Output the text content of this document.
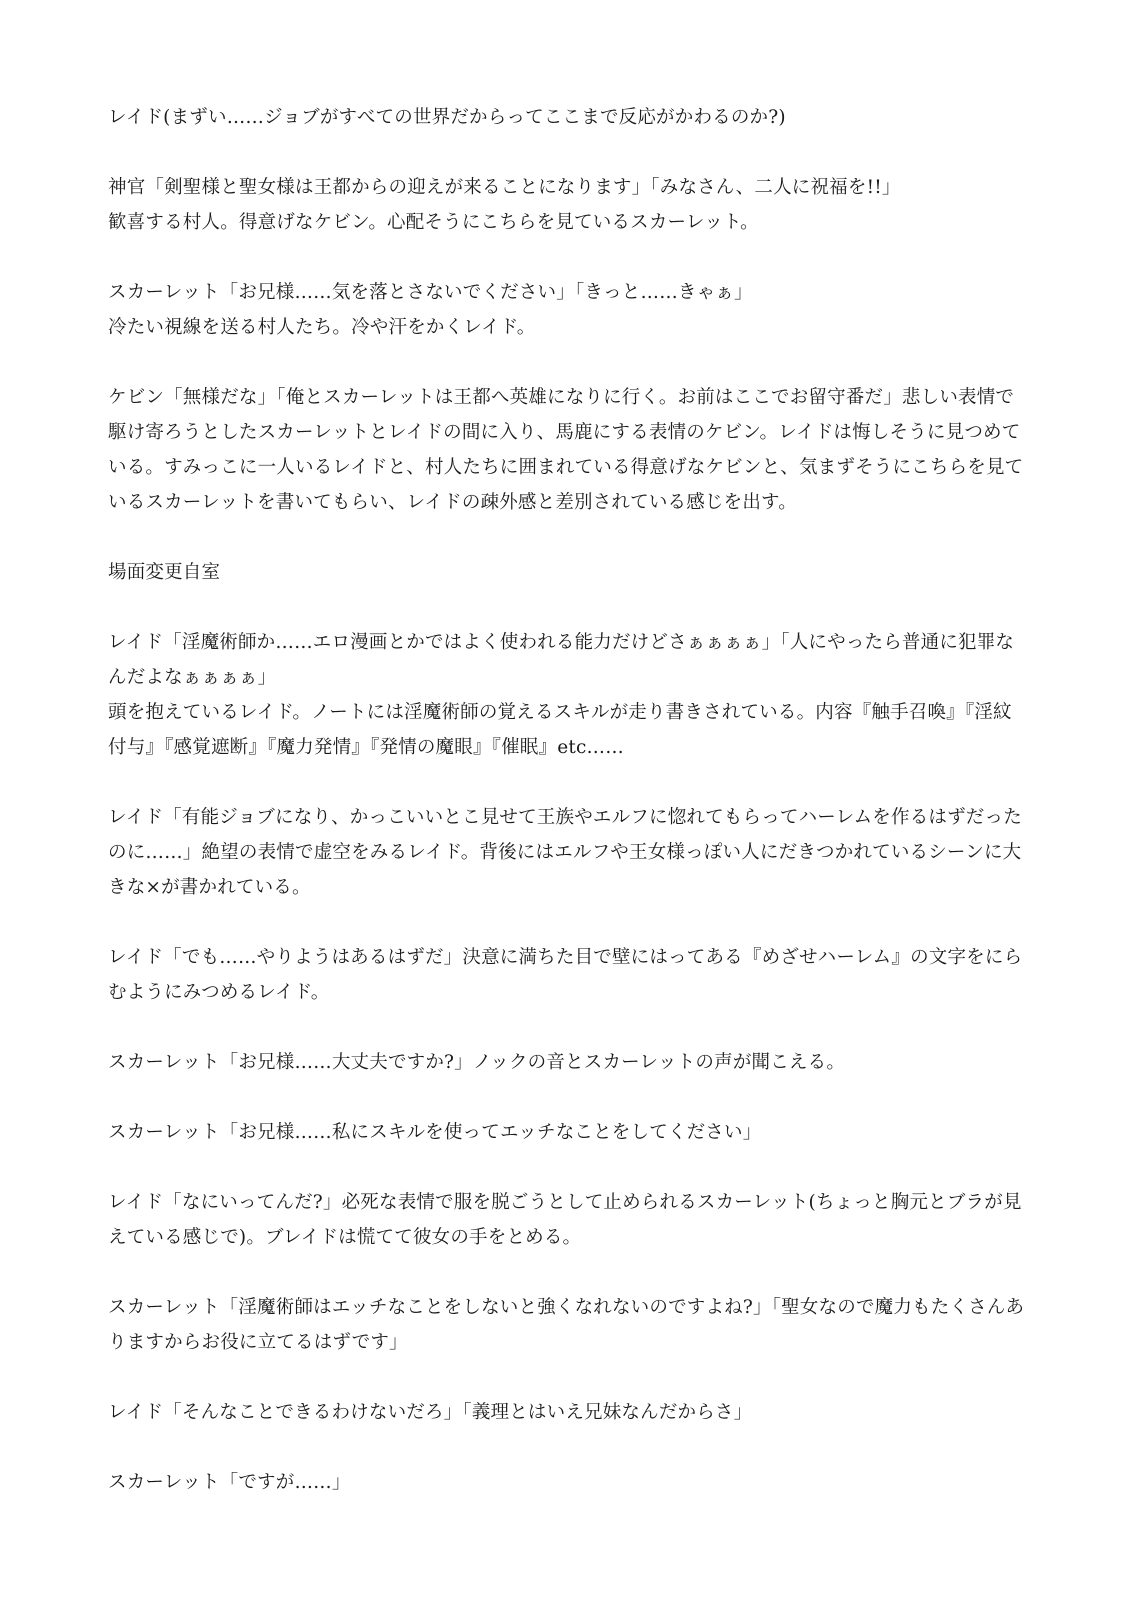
レイド(まずい……ジョブがすべての世界だからってここまで反応がかわるのか?)

神官「剣聖様と聖女様は王都からの迎えが来ることになります」「みなさん、二人に祝福を!!」
歓喜する村人。得意げなケビン。心配そうにこちらを見ているスカーレット。

スカーレット「お兄様……気を落とさないでください」「きっと……きゃぁ」
冷たい視線を送る村人たち。冷や汗をかくレイド。

ケビン「無様だな」「俺とスカーレットは王都へ英雄になりに行く。お前はここでお留守番だ」悲しい表情で駆け寄ろうとしたスカーレットとレイドの間に入り、馬鹿にする表情のケビン。レイドは悔しそうに見つめている。すみっこに一人いるレイドと、村人たちに囲まれている得意げなケビンと、気まずそうにこちらを見ているスカーレットを書いてもらい、レイドの疎外感と差別されている感じを出す。

場面変更自室

レイド「淫魔術師か……エロ漫画とかではよく使われる能力だけどさぁぁぁぁ」「人にやったら普通に犯罪なんだよなぁぁぁぁ」
頭を抱えているレイド。ノートには淫魔術師の覚えるスキルが走り書きされている。内容『触手召喚』『淫紋付与』『感覚遮断』『魔力発情』『発情の魔眼』『催眠』etc……

レイド「有能ジョブになり、かっこいいとこ見せて王族やエルフに惚れてもらってハーレムを作るはずだったのに……」絶望の表情で虚空をみるレイド。背後にはエルフや王女様っぽい人にだきつかれているシーンに大きな×が書かれている。

レイド「でも……やりようはあるはずだ」決意に満ちた目で壁にはってある『めざせハーレム』の文字をにらむようにみつめるレイド。

スカーレット「お兄様……大丈夫ですか?」ノックの音とスカーレットの声が聞こえる。

スカーレット「お兄様……私にスキルを使ってエッチなことをしてください」

レイド「なにいってんだ?」必死な表情で服を脱ごうとして止められるスカーレット(ちょっと胸元とブラが見えている感じで)。ブレイドは慌てて彼女の手をとめる。

スカーレット「淫魔術師はエッチなことをしないと強くなれないのですよね?」「聖女なので魔力もたくさんありますからお役に立てるはずです」

レイド「そんなことできるわけないだろ」「義理とはいえ兄妹なんだからさ」

スカーレット「ですが……」
